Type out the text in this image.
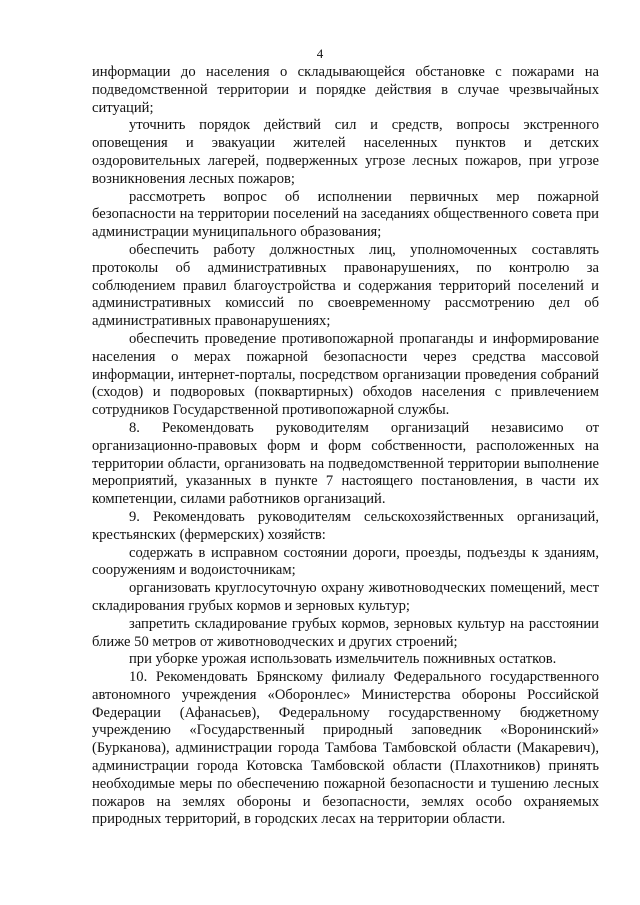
4

информации до населения о складывающейся обстановке с пожарами на подведомственной территории и порядке действия в случае чрезвычайных ситуаций;

уточнить порядок действий сил и средств, вопросы экстренного оповещения и эвакуации жителей населенных пунктов и детских оздоровительных лагерей, подверженных угрозе лесных пожаров, при угрозе возникновения лесных пожаров;

рассмотреть вопрос об исполнении первичных мер пожарной безопасности на территории поселений на заседаниях общественного совета при администрации муниципального образования;

обеспечить работу должностных лиц, уполномоченных составлять протоколы об административных правонарушениях, по контролю за соблюдением правил благоустройства и содержания территорий поселений и административных комиссий по своевременному рассмотрению дел об административных правонарушениях;

обеспечить проведение противопожарной пропаганды и информирование населения о мерах пожарной безопасности через средства массовой информации, интернет-порталы, посредством организации проведения собраний (сходов) и подворовых (поквартирных) обходов населения с привлечением сотрудников Государственной противопожарной службы.

8. Рекомендовать руководителям организаций независимо от организационно-правовых форм и форм собственности, расположенных на территории области, организовать на подведомственной территории выполнение мероприятий, указанных в пункте 7 настоящего постановления, в части их компетенции, силами работников организаций.

9. Рекомендовать руководителям сельскохозяйственных организаций, крестьянских (фермерских) хозяйств:

содержать в исправном состоянии дороги, проезды, подъезды к зданиям, сооружениям и водоисточникам;

организовать круглосуточную охрану животноводческих помещений, мест складирования грубых кормов и зерновых культур;

запретить складирование грубых кормов, зерновых культур на расстоянии ближе 50 метров от животноводческих и других строений;

при уборке урожая использовать измельчитель пожнивных остатков.

10. Рекомендовать Брянскому филиалу Федерального государственного автономного учреждения «Оборонлес» Министерства обороны Российской Федерации (Афанасьев), Федеральному государственному бюджетному учреждению «Государственный природный заповедник «Воронинский» (Бурканова), администрации города Тамбова Тамбовской области (Макаревич), администрации города Котовска Тамбовской области (Плахотников) принять необходимые меры по обеспечению пожарной безопасности и тушению лесных пожаров на землях обороны и безопасности, землях особо охраняемых природных территорий, в городских лесах на территории области.
